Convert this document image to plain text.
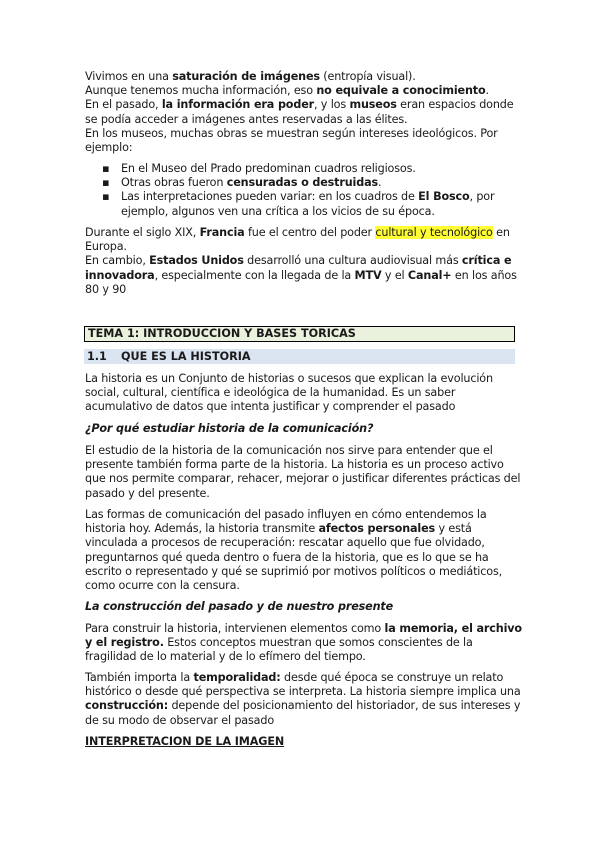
Vivimos en una saturación de imágenes (entropía visual).
Aunque tenemos mucha información, eso no equivale a conocimiento.
En el pasado, la información era poder, y los museos eran espacios donde se podía acceder a imágenes antes reservadas a las élites.
En los museos, muchas obras se muestran según intereses ideológicos. Por ejemplo:

▪ En el Museo del Prado predominan cuadros religiosos.
▪ Otras obras fueron censuradas o destruidas.
▪ Las interpretaciones pueden variar: en los cuadros de El Bosco, por ejemplo, algunos ven una crítica a los vicios de su época.

Durante el siglo XIX, Francia fue el centro del poder cultural y tecnológico en Europa.
En cambio, Estados Unidos desarrolló una cultura audiovisual más crítica e innovadora, especialmente con la llegada de la MTV y el Canal+ en los años 80 y 90

TEMA 1: INTRODUCCION Y BASES TORICAS
1.1 QUE ES LA HISTORIA

La historia es un Conjunto de historias o sucesos que explican la evolución social, cultural, científica e ideológica de la humanidad. Es un saber acumulativo de datos que intenta justificar y comprender el pasado

¿Por qué estudiar historia de la comunicación?

El estudio de la historia de la comunicación nos sirve para entender que el presente también forma parte de la historia. La historia es un proceso activo que nos permite comparar, rehacer, mejorar o justificar diferentes prácticas del pasado y del presente.

Las formas de comunicación del pasado influyen en cómo entendemos la historia hoy. Además, la historia transmite afectos personales y está vinculada a procesos de recuperación: rescatar aquello que fue olvidado, preguntarnos qué queda dentro o fuera de la historia, que es lo que se ha escrito o representado y qué se suprimió por motivos políticos o mediáticos, como ocurre con la censura.

La construcción del pasado y de nuestro presente

Para construir la historia, intervienen elementos como la memoria, el archivo y el registro. Estos conceptos muestran que somos conscientes de la fragilidad de lo material y de lo efímero del tiempo.

También importa la temporalidad: desde qué época se construye un relato histórico o desde qué perspectiva se interpreta. La historia siempre implica una construcción: depende del posicionamiento del historiador, de sus intereses y de su modo de observar el pasado

INTERPRETACION DE LA IMAGEN
